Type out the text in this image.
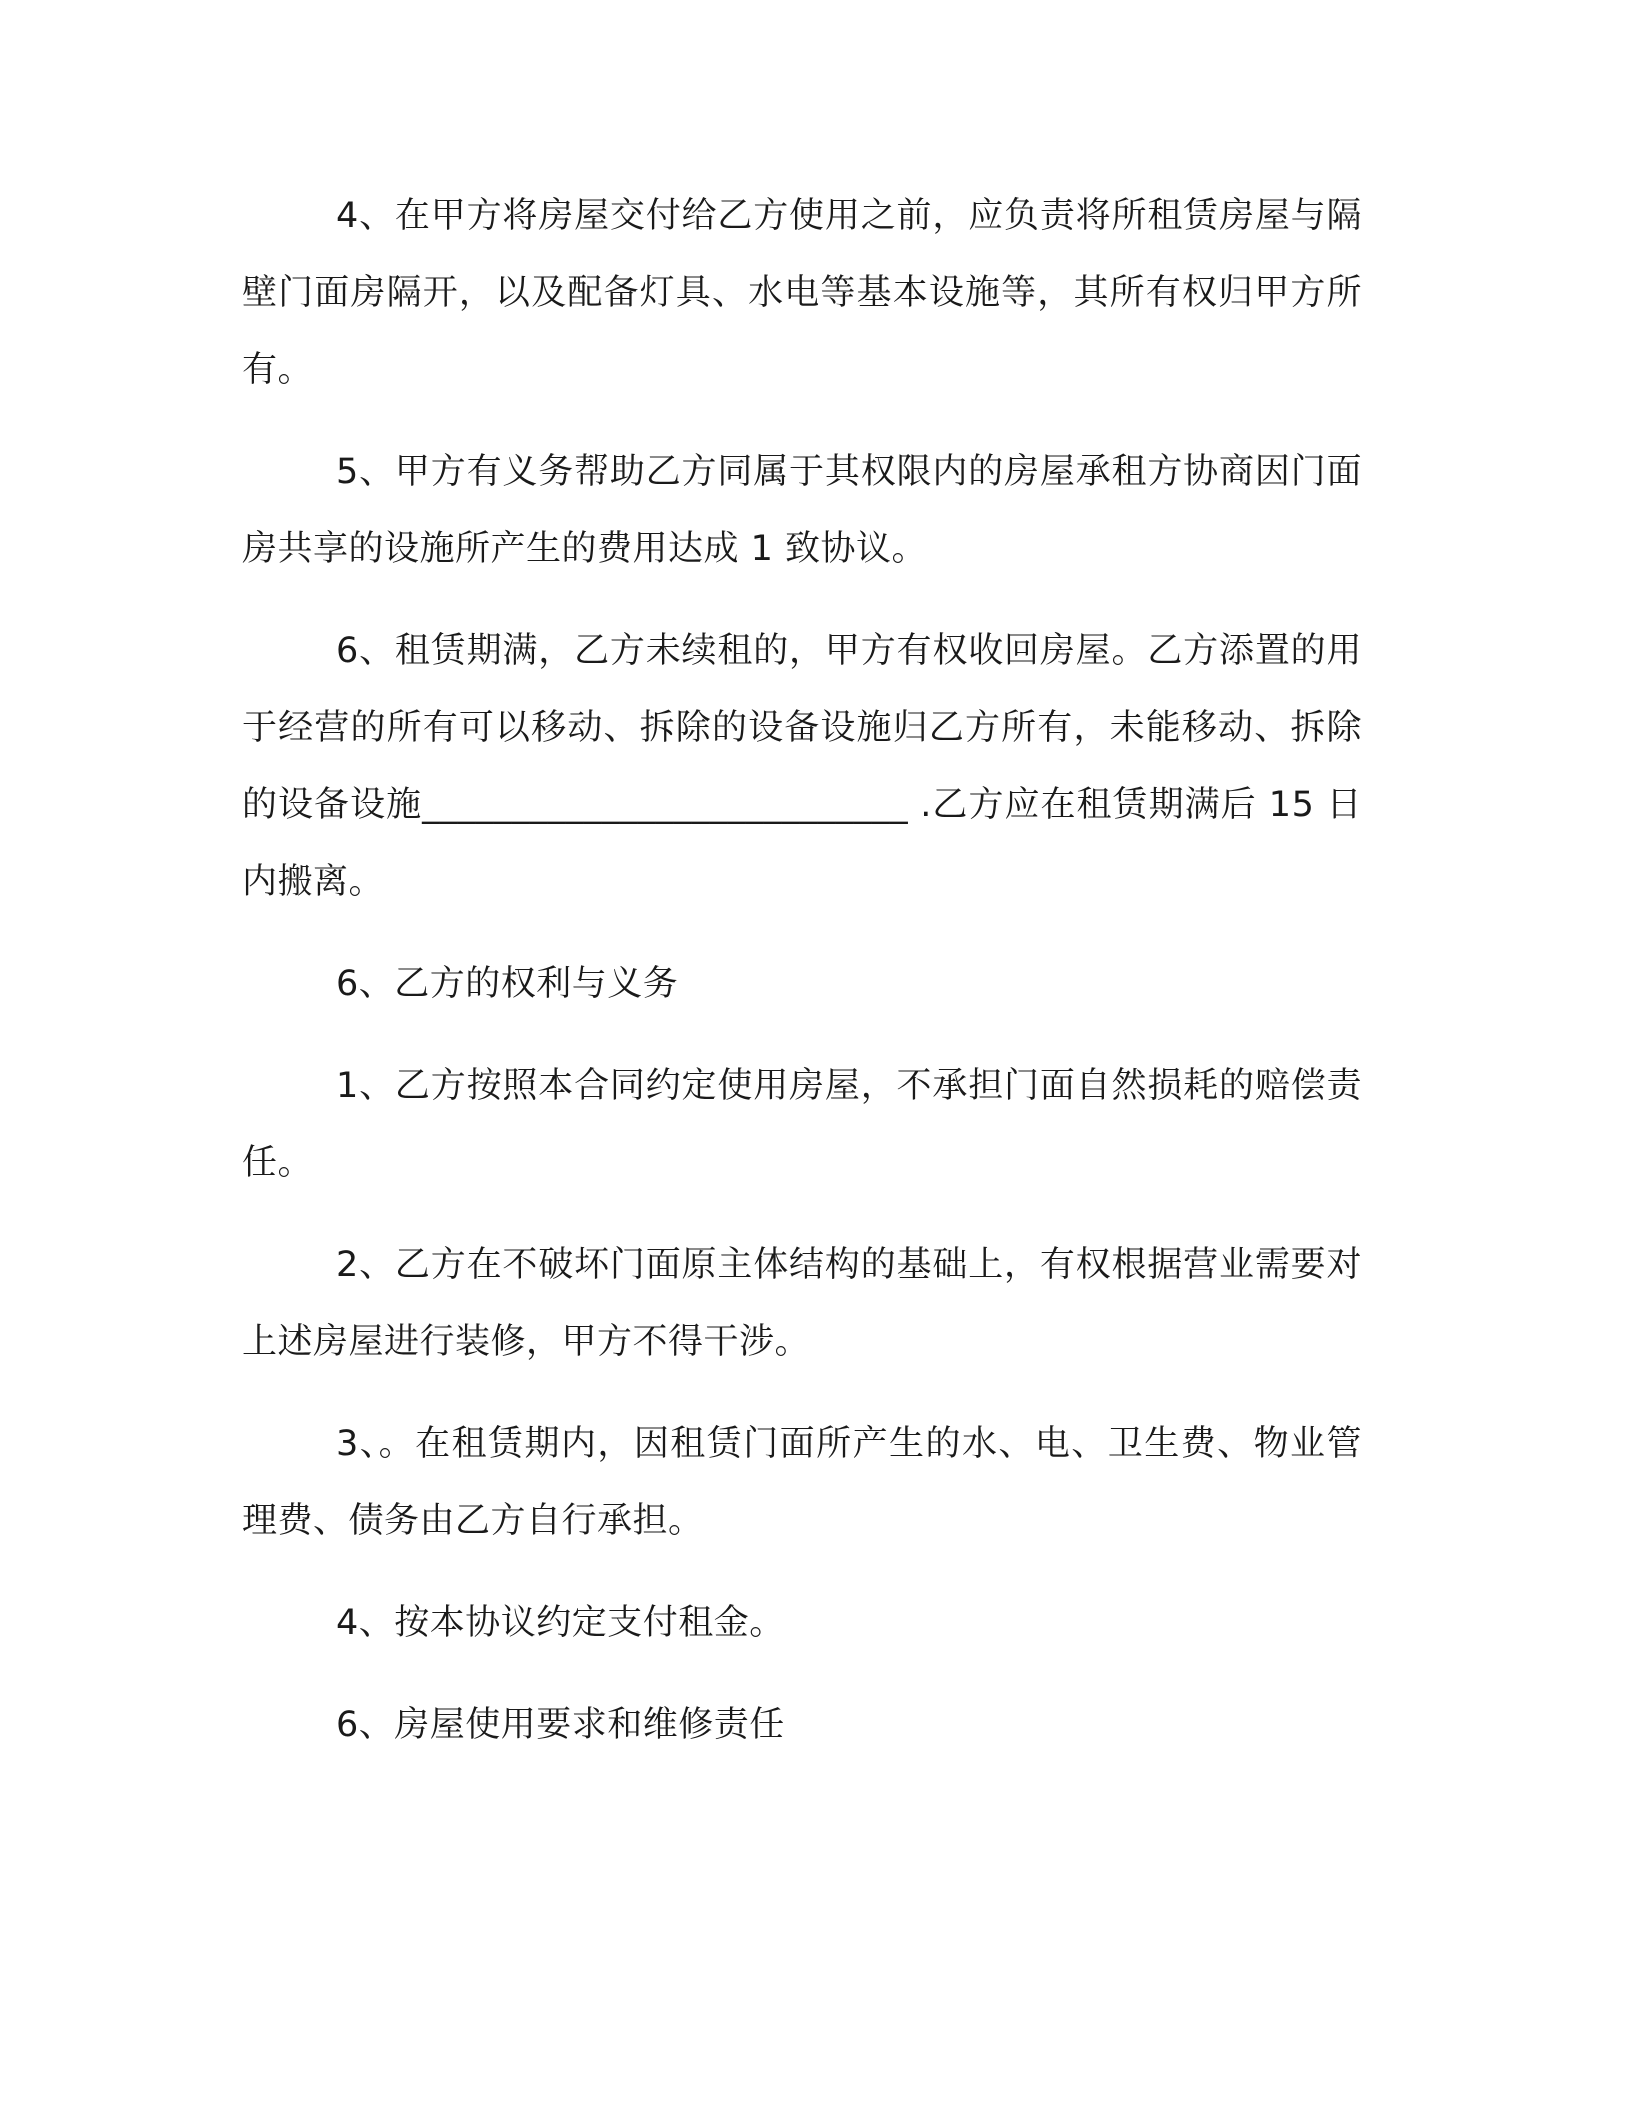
4、在甲方将房屋交付给乙方使用之前，应负责将所租赁房屋与隔壁门面房隔开，以及配备灯具、水电等基本设施等，其所有权归甲方所有。

5、甲方有义务帮助乙方同属于其权限内的房屋承租方协商因门面房共享的设施所产生的费用达成 1 致协议。

6、租赁期满，乙方未续租的，甲方有权收回房屋。乙方添置的用于经营的所有可以移动、拆除的设备设施归乙方所有，未能移动、拆除的设备设施___________________________ .乙方应在租赁期满后 15 日内搬离。

6、乙方的权利与义务

1、乙方按照本合同约定使用房屋，不承担门面自然损耗的赔偿责任。

2、乙方在不破坏门面原主体结构的基础上，有权根据营业需要对上述房屋进行装修，甲方不得干涉。

3、。在租赁期内，因租赁门面所产生的水、电、卫生费、物业管理费、债务由乙方自行承担。

4、按本协议约定支付租金。

6、房屋使用要求和维修责任
